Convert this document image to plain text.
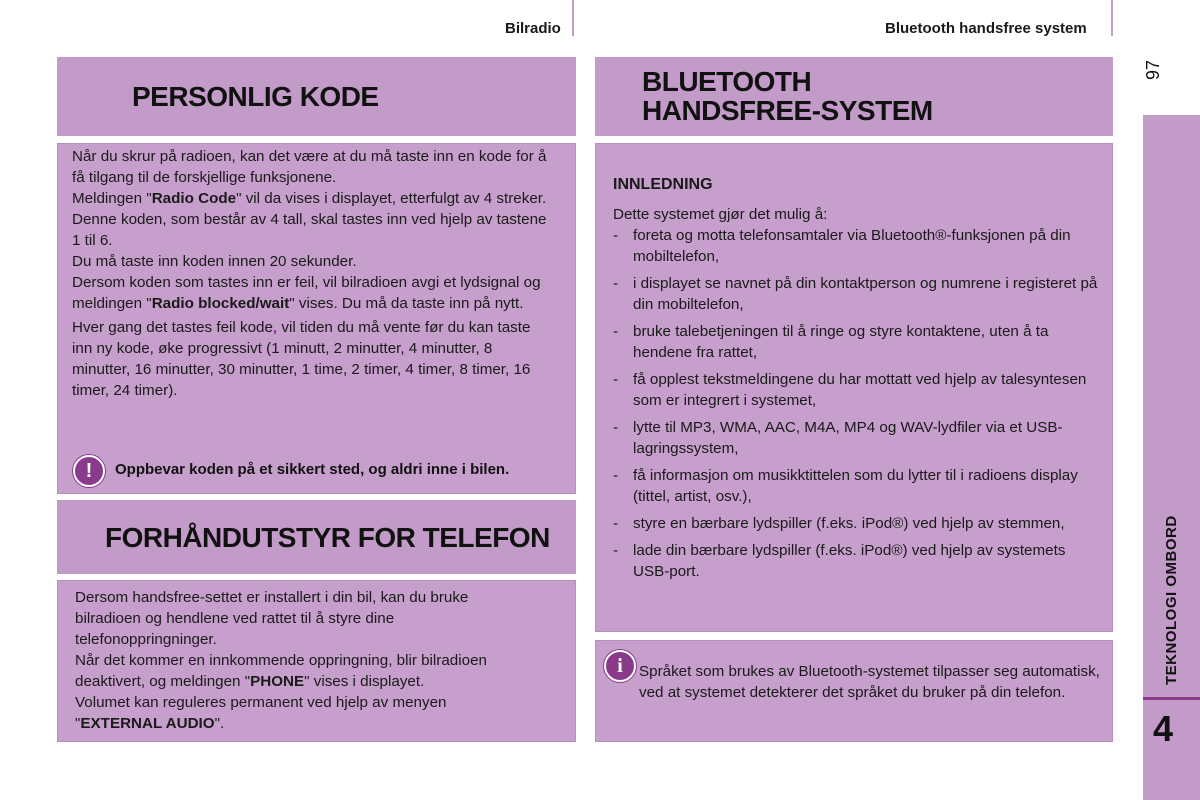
Bilradio	Bluetooth handsfree system
97
PERSONLIG KODE

Når du skrur på radioen, kan det være at du må taste inn en kode for å få tilgang til de forskjellige funksjonene.

Meldingen "Radio Code" vil da vises i displayet, etterfulgt av 4 streker.

Denne koden, som består av 4 tall, skal tastes inn ved hjelp av tastene 1 til 6.

Du må taste inn koden innen 20 sekunder.

Dersom koden som tastes inn er feil, vil bilradioen avgi et lydsignal og meldingen "Radio blocked/wait" vises. Du må da taste inn på nytt.

Hver gang det tastes feil kode, vil tiden du må vente før du kan taste inn ny kode, øke progressivt (1 minutt, 2 minutter, 4 minutter, 8 minutter, 16 minutter, 30 minutter, 1 time, 2 timer, 4 timer, 8 timer, 16 timer, 24 timer).

!	Oppbevar koden på et sikkert sted, og aldri inne i bilen.
FORHÅNDUTSTYR FOR TELEFON

Dersom handsfree-settet er installert i din bil, kan du bruke bilradioen og hendlene ved rattet til å styre dine telefonoppringninger.

Når det kommer en innkommende oppringning, blir bilradioen deaktivert, og meldingen "PHONE" vises i displayet.

Volumet kan reguleres permanent ved hjelp av menyen "EXTERNAL AUDIO".

BLUETOOTH
HANDSFREE-SYSTEM
INNLEDNING
Dette systemet gjør det mulig å:
- foreta og motta telefonsamtaler via Bluetooth®-funksjonen på din mobiltelefon,
- i displayet se navnet på din kontaktperson og numrene i registeret på din mobiltelefon,
- bruke talebetjeningen til å ringe og styre kontaktene, uten å ta hendene fra rattet,
- få opplest tekstmeldingene du har mottatt ved hjelp av talesyntesen som er integrert i systemet,
- lytte til MP3, WMA, AAC, M4A, MP4 og WAV-lydfiler via et USB-lagringssystem,
- få informasjon om musikktittelen som du lytter til i radioens display (tittel, artist, osv.),
- styre en bærbare lydspiller (f.eks. iPod®) ved hjelp av stemmen,
- lade din bærbare lydspiller (f.eks. iPod®) ved hjelp av systemets USB-port.
i	Språket som brukes av Bluetooth-systemet tilpasser seg automatisk, ved at systemet detekterer det språket du bruker på din telefon.
TEKNOLOGI OMBORD
4
